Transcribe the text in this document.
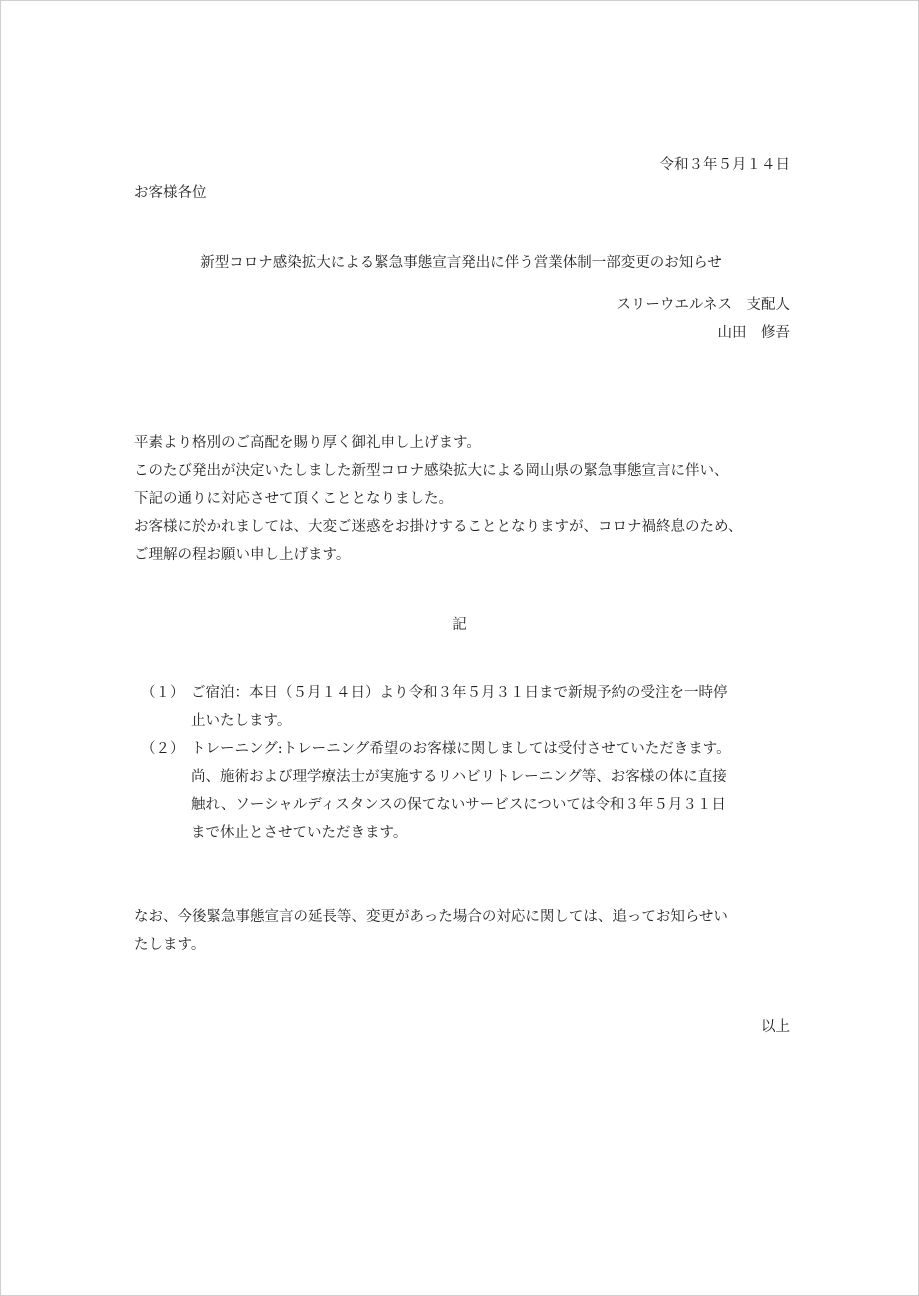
令和３年５月１４日
お客様各位
新型コロナ感染拡大による緊急事態宣言発出に伴う営業体制一部変更のお知らせ
スリーウエルネス　支配人
山田　修吾

平素より格別のご高配を賜り厚く御礼申し上げます。

このたび発出が決定いたしました新型コロナ感染拡大による岡山県の緊急事態宣言に伴い、

下記の通りに対応させて頂くこととなりました。

お客様に於かれましては、大変ご迷惑をお掛けすることとなりますが、コロナ禍終息のため、

ご理解の程お願い申し上げます。

記
（１） ご宿泊：本日（５月１４日）より令和３年５月３１日まで新規予約の受注を一時停

止いたします。

（２） トレーニング:トレーニング希望のお客様に関しましては受付させていただきます。

尚、施術および理学療法士が実施するリハビリトレーニング等、お客様の体に直接

触れ、ソーシャルディスタンスの保てないサービスについては令和３年５月３１日

まで休止とさせていただきます。

なお、今後緊急事態宣言の延長等、変更があった場合の対応に関しては、追ってお知らせい

たします。

以上
